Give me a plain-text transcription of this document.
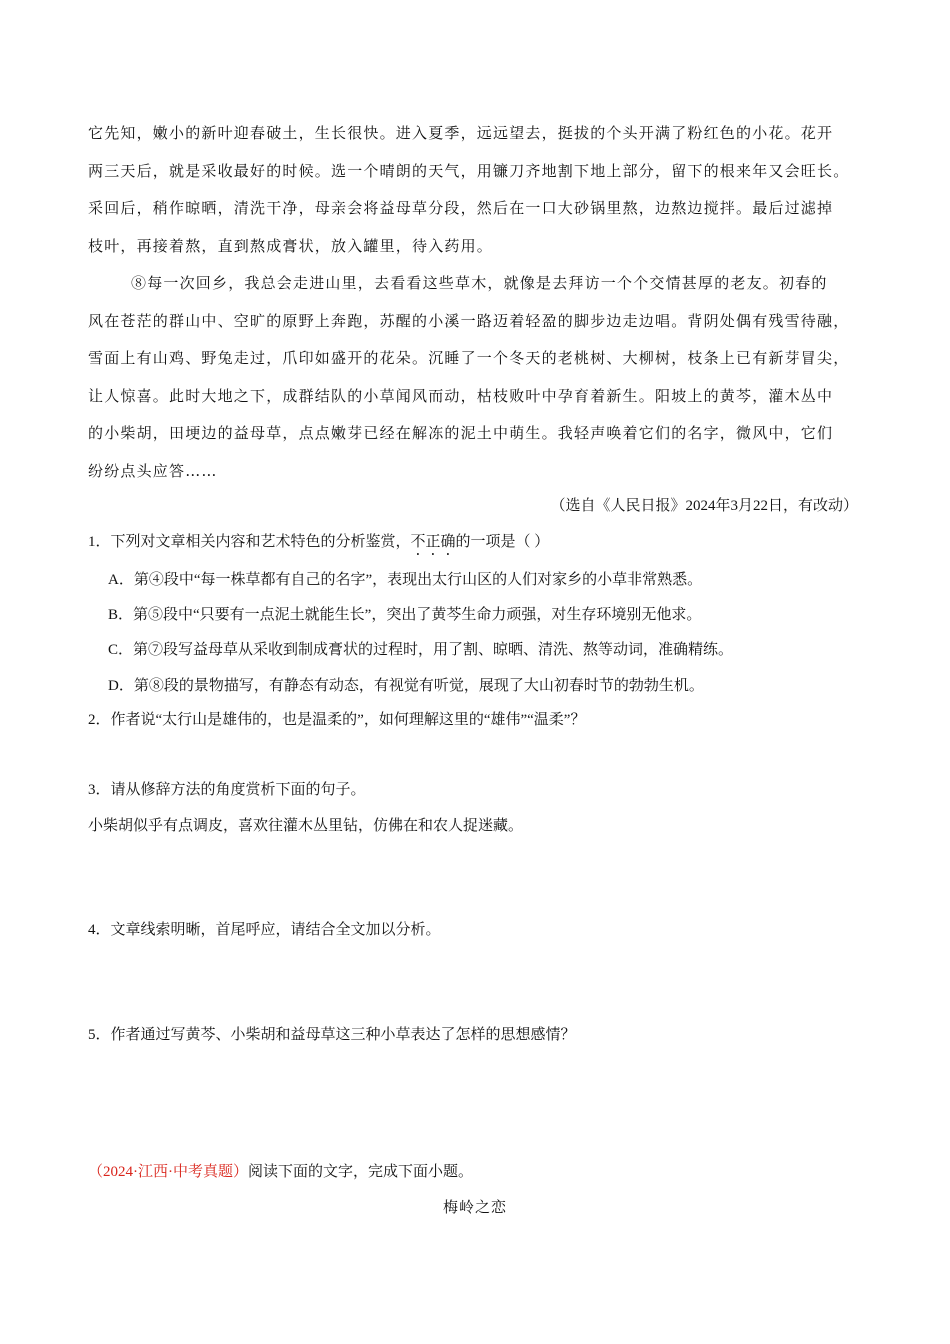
它先知，嫩小的新叶迎春破土，生长很快。进入夏季，远远望去，挺拔的个头开满了粉红色的小花。花开
两三天后，就是采收最好的时候。选一个晴朗的天气，用镰刀齐地割下地上部分，留下的根来年又会旺长。
采回后，稍作晾晒，清洗干净，母亲会将益母草分段，然后在一口大砂锅里熬，边熬边搅拌。最后过滤掉
枝叶，再接着熬，直到熬成膏状，放入罐里，待入药用。
⑧每一次回乡，我总会走进山里，去看看这些草木，就像是去拜访一个个交情甚厚的老友。初春的
风在苍茫的群山中、空旷的原野上奔跑，苏醒的小溪一路迈着轻盈的脚步边走边唱。背阴处偶有残雪待融，
雪面上有山鸡、野兔走过，爪印如盛开的花朵。沉睡了一个冬天的老桃树、大柳树，枝条上已有新芽冒尖，
让人惊喜。此时大地之下，成群结队的小草闻风而动，枯枝败叶中孕育着新生。阳坡上的黄芩，灌木丛中
的小柴胡，田埂边的益母草，点点嫩芽已经在解冻的泥土中萌生。我轻声唤着它们的名字，微风中，它们
纷纷点头应答……
（选自《人民日报》2024年3月22日，有改动）
1．下列对文章相关内容和艺术特色的分析鉴赏，不正确的一项是（ ）
A．第④段中“每一株草都有自己的名字”，表现出太行山区的人们对家乡的小草非常熟悉。
B．第⑤段中“只要有一点泥土就能生长”，突出了黄芩生命力顽强，对生存环境别无他求。
C．第⑦段写益母草从采收到制成膏状的过程时，用了割、晾晒、清洗、熬等动词，准确精练。
D．第⑧段的景物描写，有静态有动态，有视觉有听觉，展现了大山初春时节的勃勃生机。
2．作者说“太行山是雄伟的，也是温柔的”，如何理解这里的“雄伟”“温柔”？
3．请从修辞方法的角度赏析下面的句子。
小柴胡似乎有点调皮，喜欢往灌木丛里钻，仿佛在和农人捉迷藏。
4．文章线索明晰，首尾呼应，请结合全文加以分析。
5．作者通过写黄芩、小柴胡和益母草这三种小草表达了怎样的思想感情？
（2024·江西·中考真题）阅读下面的文字，完成下面小题。
梅岭之恋
